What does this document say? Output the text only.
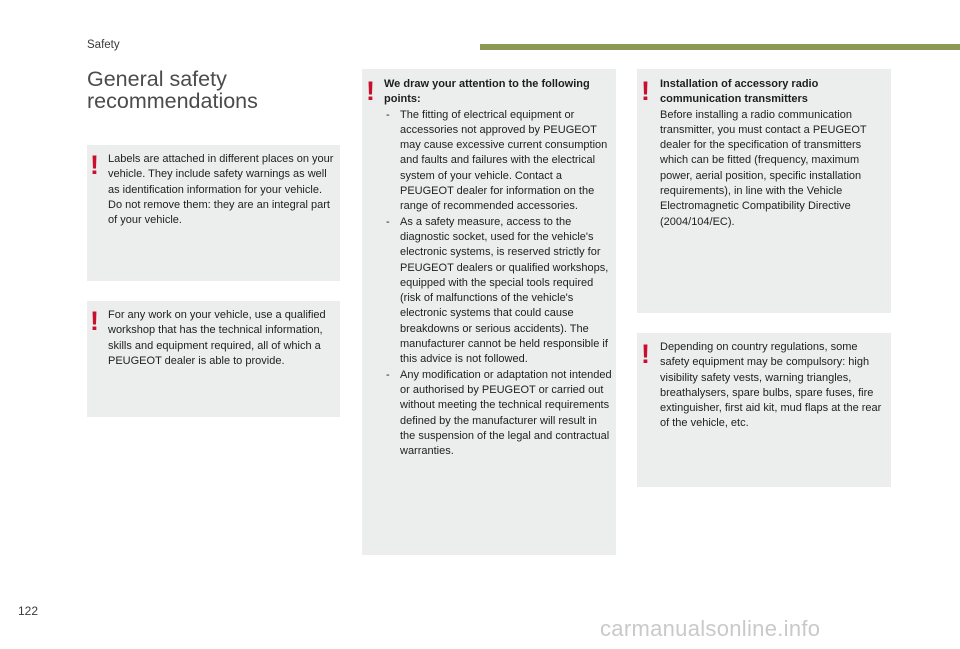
Safety
General safety
recommendations
! Labels are attached in different places on your vehicle. They include safety warnings as well as identification information for your vehicle. Do not remove them: they are an integral part of your vehicle.

! For any work on your vehicle, use a qualified workshop that has the technical information, skills and equipment required, all of which a PEUGEOT dealer is able to provide.

! We draw your attention to the following points:

- The fitting of electrical equipment or accessories not approved by PEUGEOT may cause excessive current consumption and faults and failures with the electrical system of your vehicle. Contact a PEUGEOT dealer for information on the range of recommended accessories.
- As a safety measure, access to the diagnostic socket, used for the vehicle's electronic systems, is reserved strictly for PEUGEOT dealers or qualified workshops, equipped with the special tools required (risk of malfunctions of the vehicle's electronic systems that could cause breakdowns or serious accidents). The manufacturer cannot be held responsible if this advice is not followed.
- Any modification or adaptation not intended or authorised by PEUGEOT or carried out without meeting the technical requirements defined by the manufacturer will result in the suspension of the legal and contractual warranties.
! Installation of accessory radio communication transmitters

Before installing a radio communication transmitter, you must contact a PEUGEOT dealer for the specification of transmitters which can be fitted (frequency, maximum power, aerial position, specific installation requirements), in line with the Vehicle Electromagnetic Compatibility Directive (2004/104/EC).

! Depending on country regulations, some safety equipment may be compulsory: high visibility safety vests, warning triangles, breathalysers, spare bulbs, spare fuses, fire extinguisher, first aid kit, mud flaps at the rear of the vehicle, etc.

122
carmanualsonline.info
